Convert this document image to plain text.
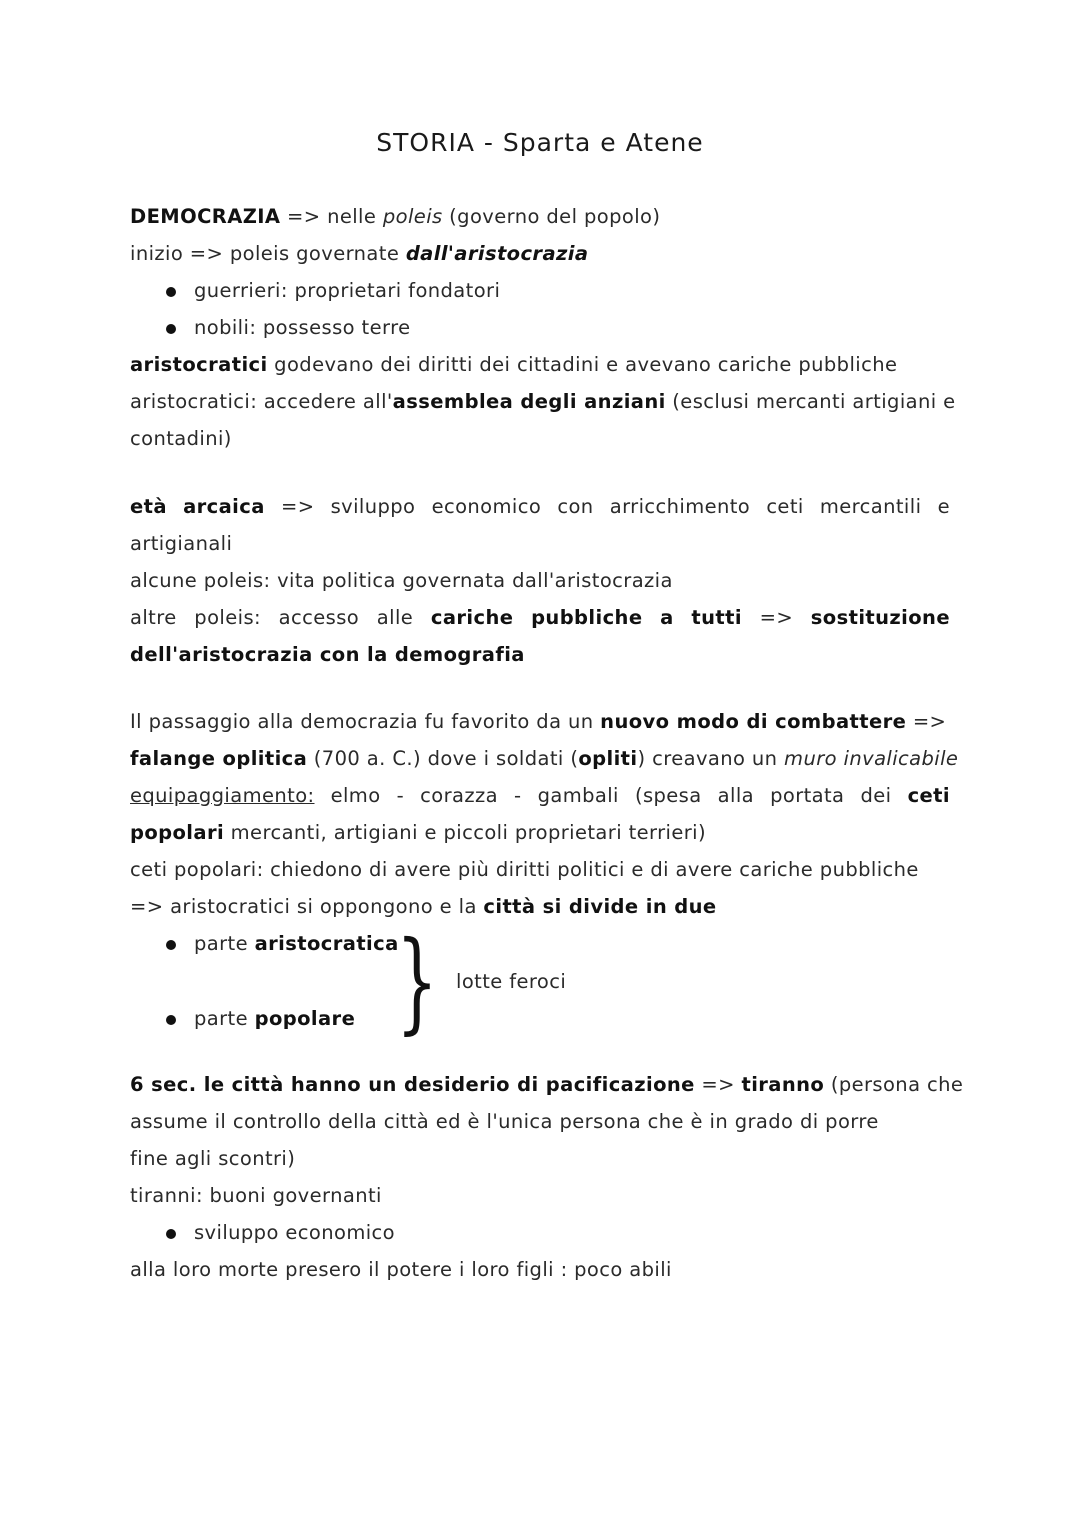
STORIA - Sparta e Atene
DEMOCRAZIA => nelle poleis (governo del popolo)
inizio => poleis governate dall'aristocrazia
guerrieri: proprietari fondatori
nobili: possesso terre
aristocratici godevano dei diritti dei cittadini e avevano cariche pubbliche
aristocratici: accedere all'assemblea degli anziani (esclusi mercanti artigiani e
contadini)
età arcaica => sviluppo economico con arricchimento ceti mercantili e
artigianali
alcune poleis: vita politica governata dall'aristocrazia
altre poleis: accesso alle cariche pubbliche a tutti => sostituzione
dell'aristocrazia con la demografia
Il passaggio alla democrazia fu favorito da un nuovo modo di combattere =>
falange oplitica (700 a. C.) dove i soldati (opliti) creavano un muro invalicabile
equipaggiamento: elmo - corazza - gambali (spesa alla portata dei ceti
popolari mercanti, artigiani e piccoli proprietari terrieri)
ceti popolari: chiedono di avere più diritti politici e di avere cariche pubbliche
=> aristocratici si oppongono e la città si divide in due
parte aristocratica
parte popolare } lotte feroci
6 sec. le città hanno un desiderio di pacificazione => tiranno (persona che
assume il controllo della città ed è l'unica persona che è in grado di porre
fine agli scontri)
tiranni: buoni governanti
sviluppo economico
alla loro morte presero il potere i loro figli : poco abili
